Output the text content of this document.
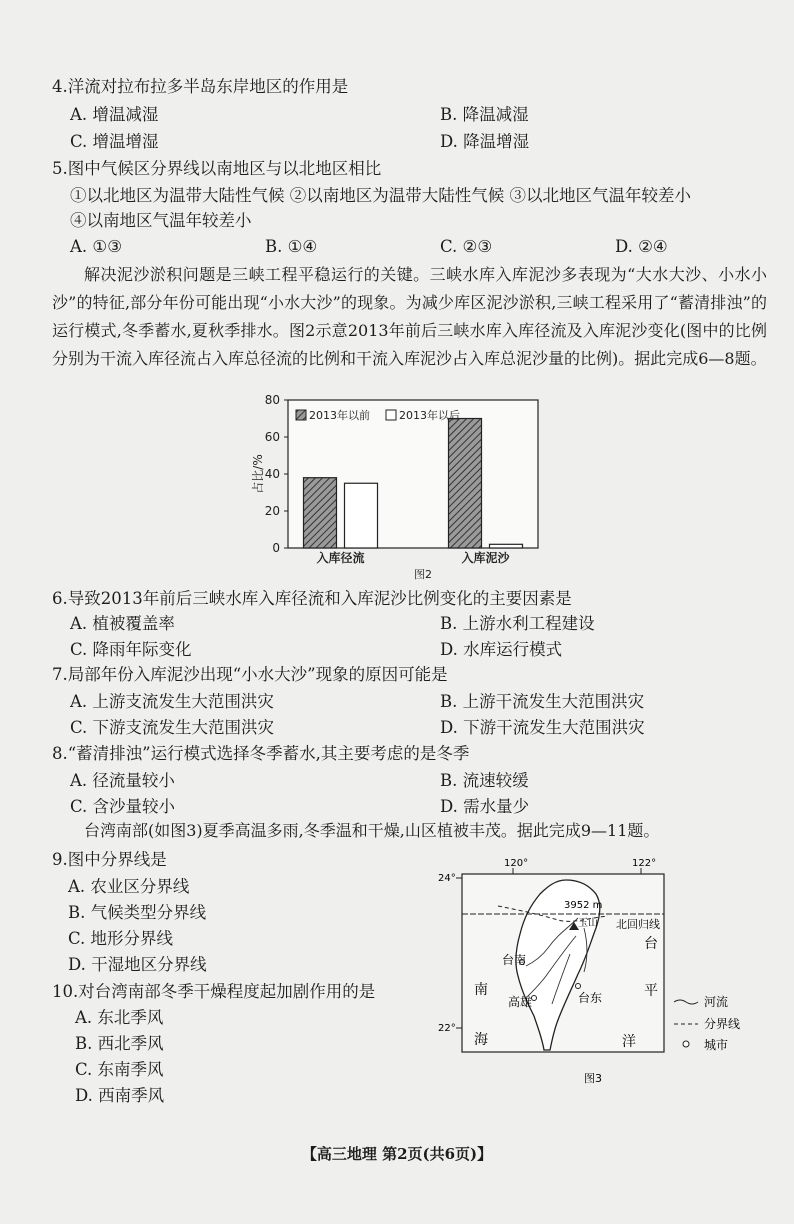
4.洋流对拉布拉多半岛东岸地区的作用是
A. 增温减湿	B. 降温减湿
C. 增温增湿	D. 降温增湿
5.图中气候区分界线以南地区与以北地区相比
①以北地区为温带大陆性气候 ②以南地区为温带大陆性气候 ③以北地区气温年较差小
④以南地区气温年较差小
A. ①③	B. ①④	C. ②③	D. ②④
解决泥沙淤积问题是三峡工程平稳运行的关键。三峡水库入库泥沙多表现为“大水大沙、小水小沙”的特征,部分年份可能出现“小水大沙”的现象。为减少库区泥沙淤积,三峡工程采用了“蓄清排浊”的运行模式,冬季蓄水,夏秋季排水。图2示意2013年前后三峡水库入库径流及入库泥沙变化(图中的比例分别为干流入库径流占入库总径流的比例和干流入库泥沙占入库总泥沙量的比例)。据此完成6—8题。
0
20
40
60
80
占比/%
入库径流	入库泥沙
2013年以前	2013年以后
图2
6.导致2013年前后三峡水库入库径流和入库泥沙比例变化的主要因素是
A. 植被覆盖率	B. 上游水利工程建设
C. 降雨年际变化	D. 水库运行模式
7.局部年份入库泥沙出现“小水大沙”现象的原因可能是
A. 上游支流发生大范围洪灾	B. 上游干流发生大范围洪灾
C. 下游支流发生大范围洪灾	D. 下游干流发生大范围洪灾
8.“蓄清排浊”运行模式选择冬季蓄水,其主要考虑的是冬季
A. 径流量较小	B. 流速较缓
C. 含沙量较小	D. 需水量少
台湾南部(如图3)夏季高温多雨,冬季温和干燥,山区植被丰茂。据此完成9—11题。
9.图中分界线是
A. 农业区分界线
B. 气候类型分界线
C. 地形分界线
D. 干湿地区分界线
10.对台湾南部冬季干燥程度起加剧作用的是
A. 东北季风
B. 西北季风
C. 东南季风
D. 西南季风
120°	122°
24°
22°
3952 m
玉山 北回归线
台
平
洋
海
南
台南
高雄	台东	河流
分界线
城市
图3
【高三地理 第2页(共6页)】
